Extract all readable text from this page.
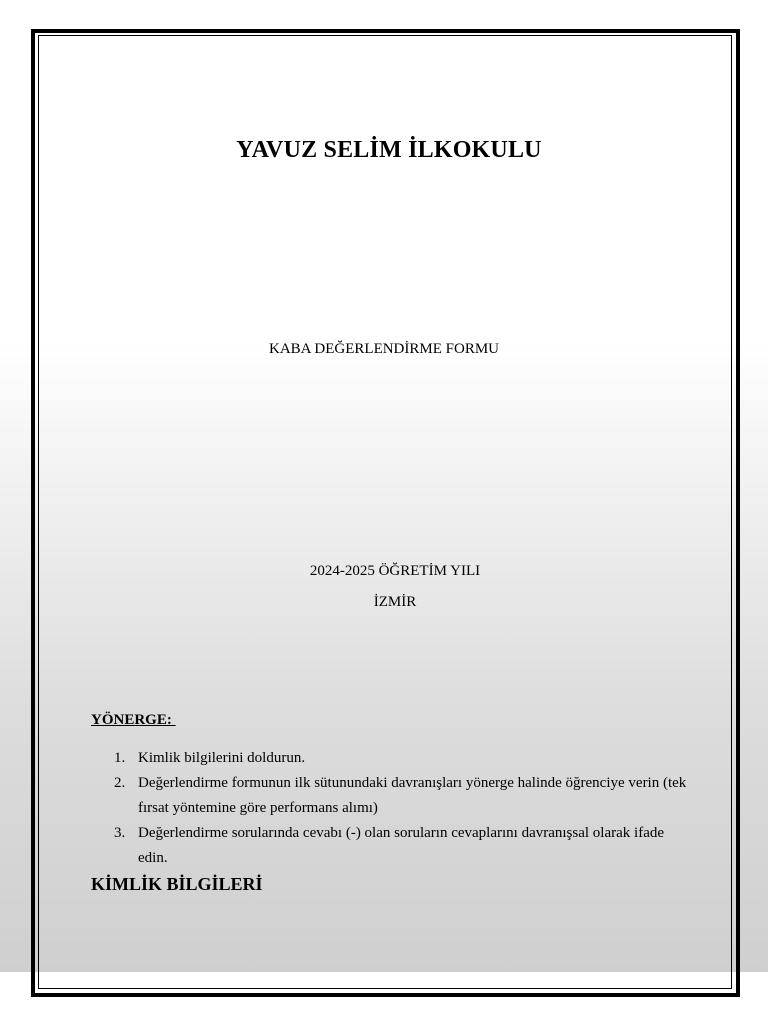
YAVUZ SELİM İLKOKULU
KABA DEĞERLENDİRME FORMU
2024-2025 ÖĞRETİM YILI
İZMİR
YÖNERGE:
1. Kimlik bilgilerini doldurun.
2. Değerlendirme formunun ilk sütunundaki davranışları yönerge halinde öğrenciye verin (tek fırsat yöntemine göre performans alımı)
3. Değerlendirme sorularında cevabı (-) olan soruların cevaplarını davranışsal olarak ifade edin.
KİMLİK BİLGİLERİ
